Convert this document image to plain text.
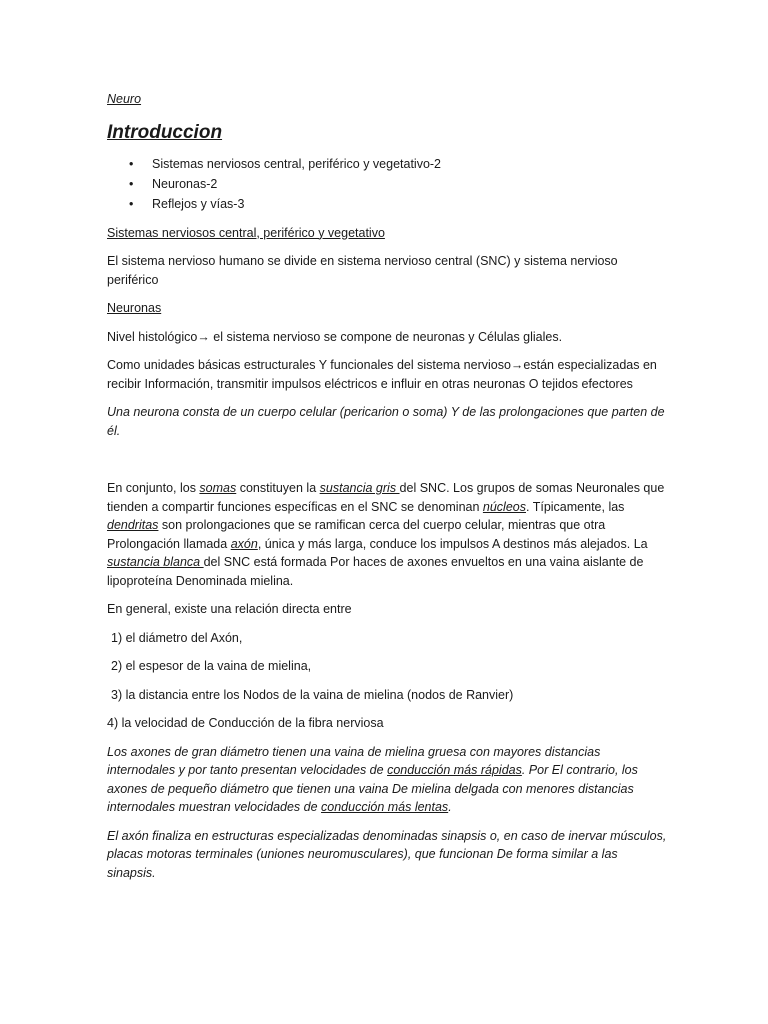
Neuro

Introduccion

• Sistemas nerviosos central, periférico y vegetativo-2
• Neuronas-2
• Reflejos y vías-3

Sistemas nerviosos central, periférico y vegetativo

El sistema nervioso humano se divide en sistema nervioso central (SNC) y sistema nervioso periférico

Neuronas

Nivel histológico→ el sistema nervioso se compone de neuronas y Células gliales.

Como unidades básicas estructurales Y funcionales del sistema nervioso→están especializadas en recibir Información, transmitir impulsos eléctricos e influir en otras neuronas O tejidos efectores

Una neurona consta de un cuerpo celular (pericarion o soma) Y de las prolongaciones que parten de él.

En conjunto, los somas constituyen la sustancia gris del SNC. Los grupos de somas Neuronales que tienden a compartir funciones específicas en el SNC se denominan núcleos. Típicamente, las dendritas son prolongaciones que se ramifican cerca del cuerpo celular, mientras que otra Prolongación llamada axón, única y más larga, conduce los impulsos A destinos más alejados. La sustancia blanca del SNC está formada Por haces de axones envueltos en una vaina aislante de lipoproteína Denominada mielina.

En general, existe una relación directa entre

1) el diámetro del Axón,

2) el espesor de la vaina de mielina,

3) la distancia entre los Nodos de la vaina de mielina (nodos de Ranvier)

4) la velocidad de Conducción de la fibra nerviosa

Los axones de gran diámetro tienen una vaina de mielina gruesa con mayores distancias internodales y por tanto presentan velocidades de conducción más rápidas. Por El contrario, los axones de pequeño diámetro que tienen una vaina De mielina delgada con menores distancias internodales muestran velocidades de conducción más lentas.

El axón finaliza en estructuras especializadas denominadas sinapsis o, en caso de inervar músculos, placas motoras terminales (uniones neuromusculares), que funcionan De forma similar a las sinapsis.
